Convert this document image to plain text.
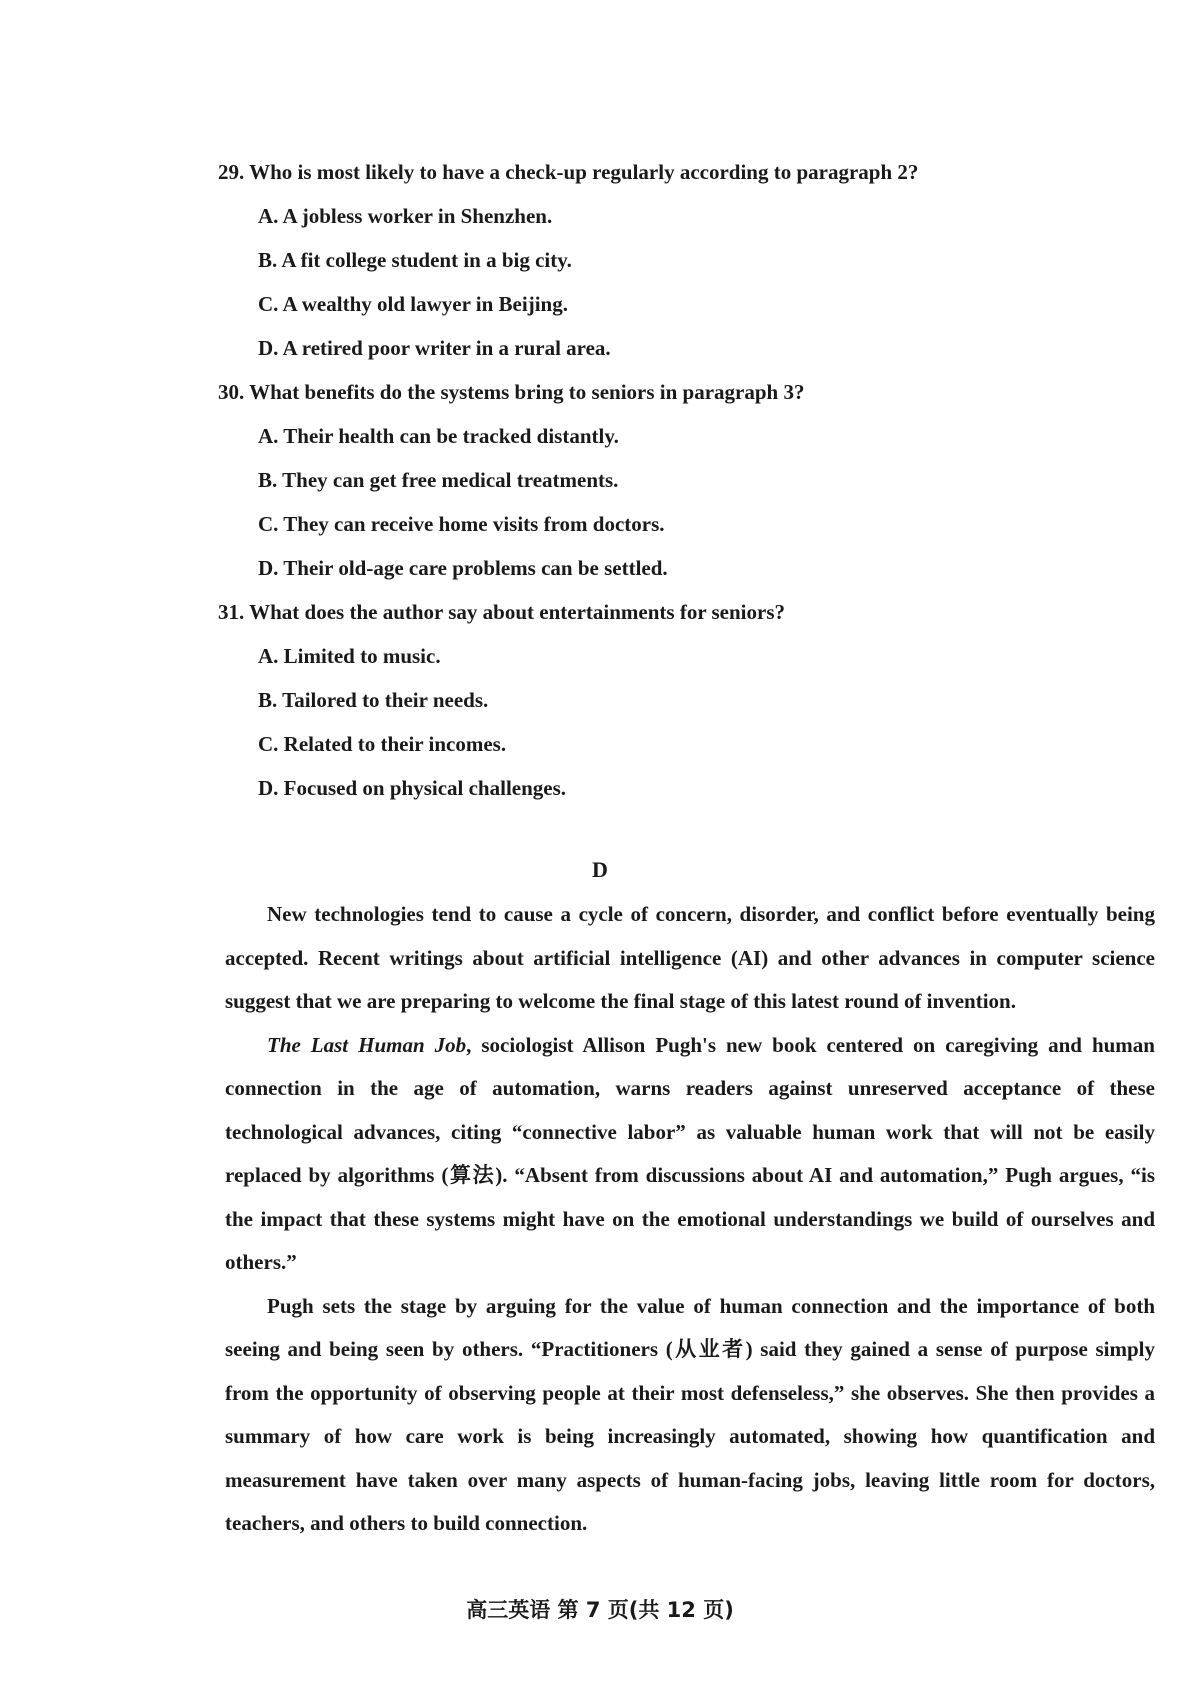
29. Who is most likely to have a check-up regularly according to paragraph 2?
A. A jobless worker in Shenzhen.
B. A fit college student in a big city.
C. A wealthy old lawyer in Beijing.
D. A retired poor writer in a rural area.
30. What benefits do the systems bring to seniors in paragraph 3?
A. Their health can be tracked distantly.
B. They can get free medical treatments.
C. They can receive home visits from doctors.
D. Their old-age care problems can be settled.
31. What does the author say about entertainments for seniors?
A. Limited to music.
B. Tailored to their needs.
C. Related to their incomes.
D. Focused on physical challenges.
D

New technologies tend to cause a cycle of concern, disorder, and conflict before eventually being accepted. Recent writings about artificial intelligence (AI) and other advances in computer science suggest that we are preparing to welcome the final stage of this latest round of invention.

The Last Human Job, sociologist Allison Pugh's new book centered on caregiving and human connection in the age of automation, warns readers against unreserved acceptance of these technological advances, citing “connective labor” as valuable human work that will not be easily replaced by algorithms (算法). “Absent from discussions about AI and automation,” Pugh argues, “is the impact that these systems might have on the emotional understandings we build of ourselves and others.”

Pugh sets the stage by arguing for the value of human connection and the importance of both seeing and being seen by others. “Practitioners (从业者) said they gained a sense of purpose simply from the opportunity of observing people at their most defenseless,” she observes. She then provides a summary of how care work is being increasingly automated, showing how quantification and measurement have taken over many aspects of human-facing jobs, leaving little room for doctors, teachers, and others to build connection.

高三英语 第 7 页(共 12 页)
